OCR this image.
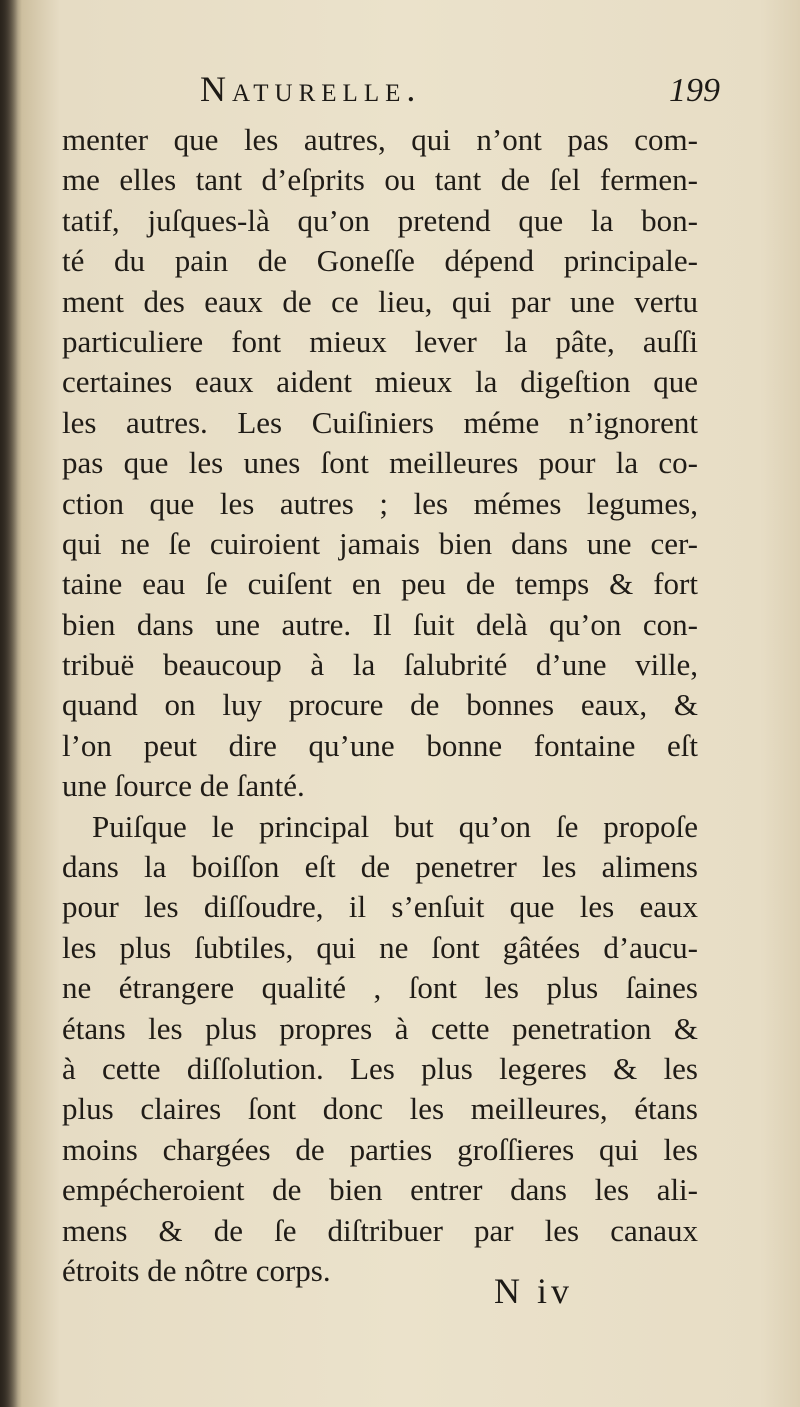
Naturelle.	199
menter que les autres, qui n’ont pas com-
me elles tant d’eſprits ou tant de ſel fermen-
tatif, juſques-là qu’on pretend que la bon-
té du pain de Goneſſe dépend principale-
ment des eaux de ce lieu, qui par une vertu
particuliere font mieux lever la pâte, auſſi
certaines eaux aident mieux la digeſtion que
les autres. Les Cuiſiniers méme n’ignorent
pas que les unes ſont meilleures pour la co-
ction que les autres ; les mémes legumes,
qui ne ſe cuiroient jamais bien dans une cer-
taine eau ſe cuiſent en peu de temps & fort
bien dans une autre. Il ſuit delà qu’on con-
tribuë beaucoup à la ſalubrité d’une ville,
quand on luy procure de bonnes eaux, &
l’on peut dire qu’une bonne fontaine eſt
une ſource de ſanté.
Puiſque le principal but qu’on ſe propoſe
dans la boiſſon eſt de penetrer les alimens
pour les diſſoudre, il s’enſuit que les eaux
les plus ſubtiles, qui ne ſont gâtées d’aucu-
ne étrangere qualité , ſont les plus ſaines
étans les plus propres à cette penetration &
à cette diſſolution. Les plus legeres & les
plus claires ſont donc les meilleures, étans
moins chargées de parties groſſieres qui les
empécheroient de bien entrer dans les ali-
mens & de ſe diſtribuer par les canaux
étroits de nôtre corps.
N iv
